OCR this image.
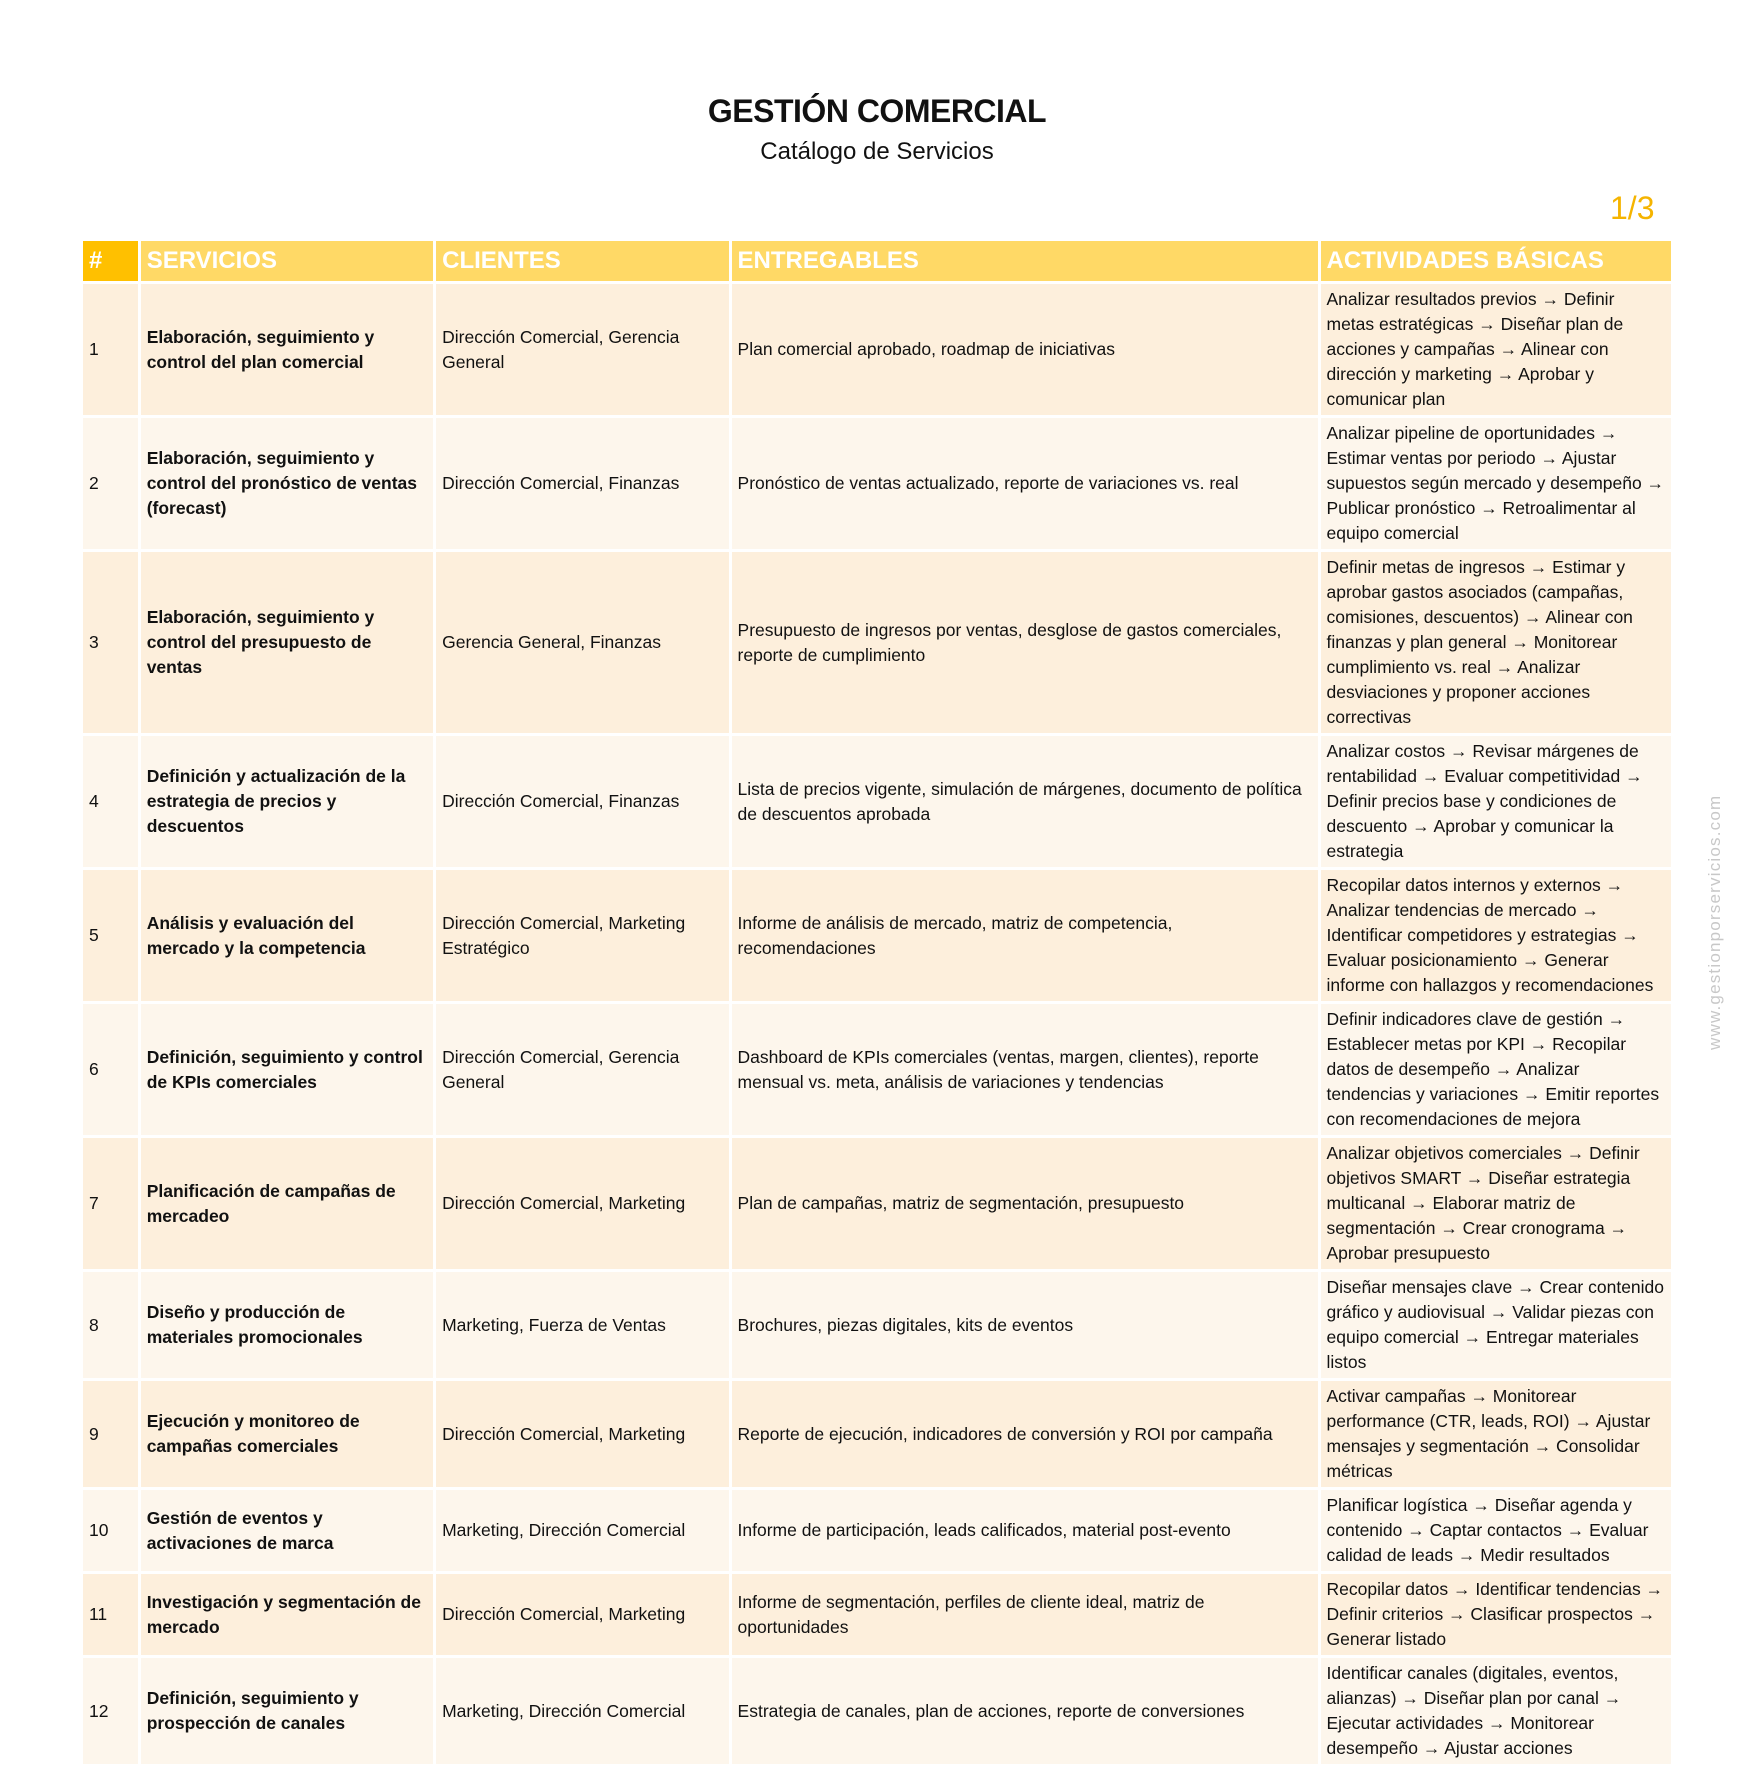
GESTIÓN COMERCIAL
Catálogo de Servicios
1/3
www.gestionporservicios.com
#	SERVICIOS	CLIENTES	ENTREGABLES	ACTIVIDADES BÁSICAS
1	Elaboración, seguimiento y control del plan comercial	Dirección Comercial, Gerencia General	Plan comercial aprobado, roadmap de iniciativas	Analizar resultados previos → Definir metas estratégicas → Diseñar plan de acciones y campañas → Alinear con dirección y marketing → Aprobar y comunicar plan
2	Elaboración, seguimiento y control del pronóstico de ventas (forecast)	Dirección Comercial, Finanzas	Pronóstico de ventas actualizado, reporte de variaciones vs. real	Analizar pipeline de oportunidades → Estimar ventas por periodo → Ajustar supuestos según mercado y desempeño → Publicar pronóstico → Retroalimentar al equipo comercial
3	Elaboración, seguimiento y control del presupuesto de ventas	Gerencia General, Finanzas	Presupuesto de ingresos por ventas, desglose de gastos comerciales, reporte de cumplimiento	Definir metas de ingresos → Estimar y aprobar gastos asociados (campañas, comisiones, descuentos) → Alinear con finanzas y plan general → Monitorear cumplimiento vs. real → Analizar desviaciones y proponer acciones correctivas
4	Definición y actualización de la estrategia de precios y descuentos	Dirección Comercial, Finanzas	Lista de precios vigente, simulación de márgenes, documento de política de descuentos aprobada	Analizar costos → Revisar márgenes de rentabilidad → Evaluar competitividad → Definir precios base y condiciones de descuento → Aprobar y comunicar la estrategia
5	Análisis y evaluación del mercado y la competencia	Dirección Comercial, Marketing Estratégico	Informe de análisis de mercado, matriz de competencia, recomendaciones	Recopilar datos internos y externos → Analizar tendencias de mercado → Identificar competidores y estrategias → Evaluar posicionamiento → Generar informe con hallazgos y recomendaciones
6	Definición, seguimiento y control de KPIs comerciales	Dirección Comercial, Gerencia General	Dashboard de KPIs comerciales (ventas, margen, clientes), reporte mensual vs. meta, análisis de variaciones y tendencias	Definir indicadores clave de gestión → Establecer metas por KPI → Recopilar datos de desempeño → Analizar tendencias y variaciones → Emitir reportes con recomendaciones de mejora
7	Planificación de campañas de mercadeo	Dirección Comercial, Marketing	Plan de campañas, matriz de segmentación, presupuesto	Analizar objetivos comerciales → Definir objetivos SMART → Diseñar estrategia multicanal → Elaborar matriz de segmentación → Crear cronograma → Aprobar presupuesto
8	Diseño y producción de materiales promocionales	Marketing, Fuerza de Ventas	Brochures, piezas digitales, kits de eventos	Diseñar mensajes clave → Crear contenido gráfico y audiovisual → Validar piezas con equipo comercial → Entregar materiales listos
9	Ejecución y monitoreo de campañas comerciales	Dirección Comercial, Marketing	Reporte de ejecución, indicadores de conversión y ROI por campaña	Activar campañas → Monitorear performance (CTR, leads, ROI) → Ajustar mensajes y segmentación → Consolidar métricas
10	Gestión de eventos y activaciones de marca	Marketing, Dirección Comercial	Informe de participación, leads calificados, material post-evento	Planificar logística → Diseñar agenda y contenido → Captar contactos → Evaluar calidad de leads → Medir resultados
11	Investigación y segmentación de mercado	Dirección Comercial, Marketing	Informe de segmentación, perfiles de cliente ideal, matriz de oportunidades	Recopilar datos → Identificar tendencias → Definir criterios → Clasificar prospectos → Generar listado
12	Definición, seguimiento y prospección de canales	Marketing, Dirección Comercial	Estrategia de canales, plan de acciones, reporte de conversiones	Identificar canales (digitales, eventos, alianzas) → Diseñar plan por canal → Ejecutar actividades → Monitorear desempeño → Ajustar acciones
